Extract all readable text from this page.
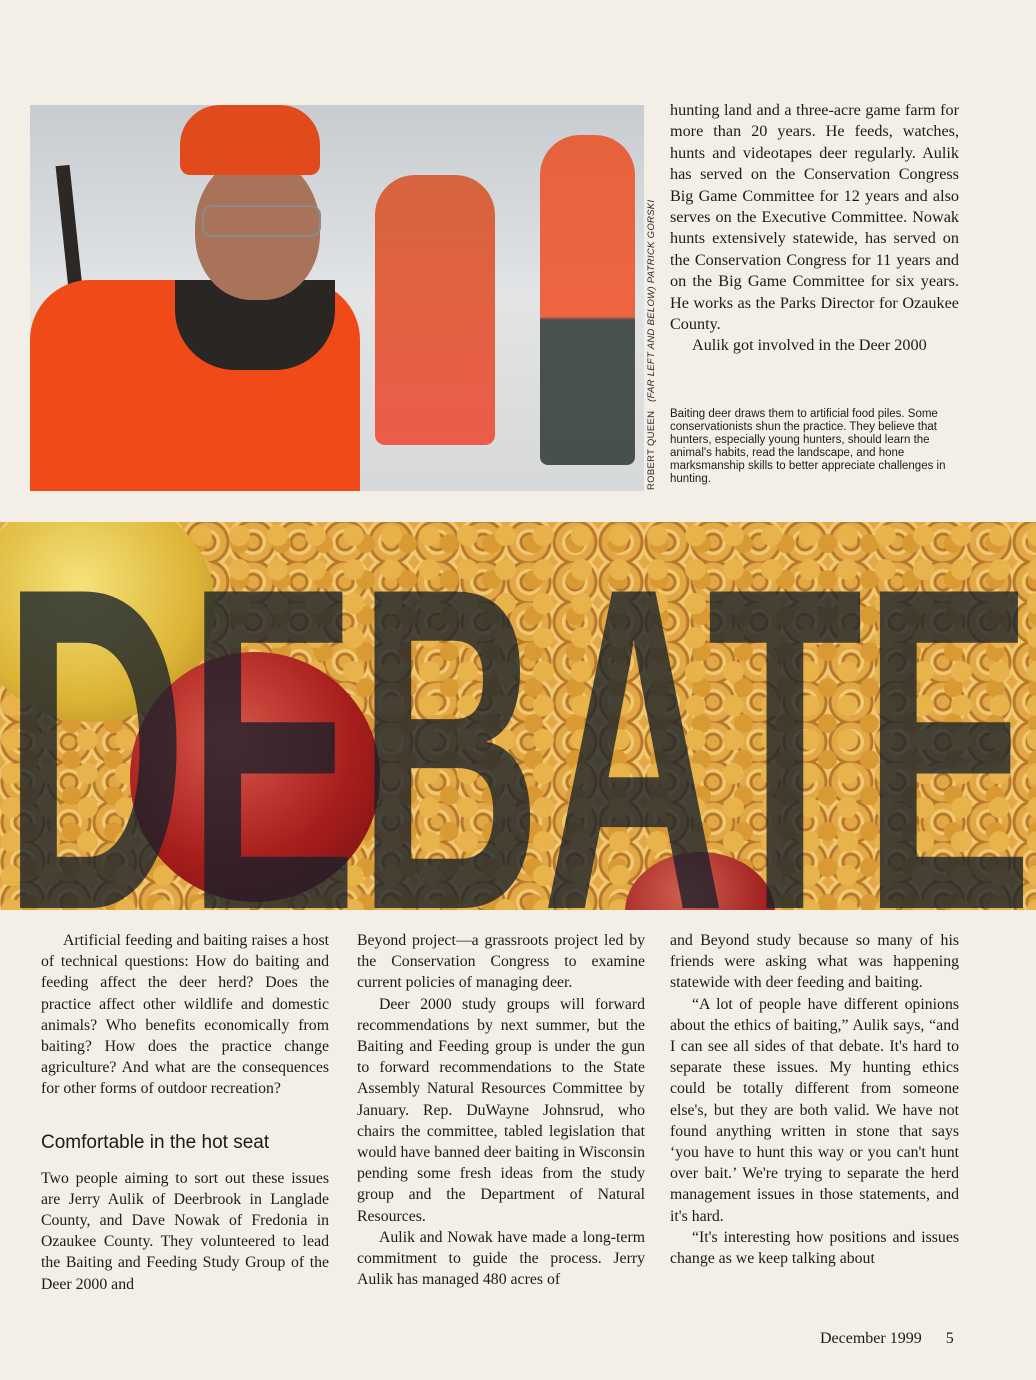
ROBERT QUEEN   (FAR LEFT AND BELOW) PATRICK GORSKI
Baiting deer draws them to artificial food piles. Some conservationists shun the practice. They believe that hunters, especially young hunters, should learn the animal's habits, read the landscape, and hone marksmanship skills to better appreciate challenges in hunting.

hunting land and a three-acre game farm for more than 20 years. He feeds, watches, hunts and videotapes deer regularly. Aulik has served on the Conservation Congress Big Game Committee for 12 years and also serves on the Executive Committee. Nowak hunts extensively statewide, has served on the Conservation Congress for 11 years and on the Big Game Committee for six years. He works as the Parks Director for Ozaukee County.

Aulik got involved in the Deer 2000

DEBATE

Artificial feeding and baiting raises a host of technical questions: How do baiting and feeding affect the deer herd? Does the practice affect other wildlife and domestic animals? Who benefits economically from baiting? How does the practice change agriculture? And what are the consequences for other forms of outdoor recreation?

Comfortable in the hot seat

Two people aiming to sort out these issues are Jerry Aulik of Deerbrook in Langlade County, and Dave Nowak of Fredonia in Ozaukee County. They volunteered to lead the Baiting and Feeding Study Group of the Deer 2000 and

Beyond project—a grassroots project led by the Conservation Congress to examine current policies of managing deer.

Deer 2000 study groups will forward recommendations by next summer, but the Baiting and Feeding group is under the gun to forward recommendations to the State Assembly Natural Resources Committee by January. Rep. DuWayne Johnsrud, who chairs the committee, tabled legislation that would have banned deer baiting in Wisconsin pending some fresh ideas from the study group and the Department of Natural Resources.

Aulik and Nowak have made a long-term commitment to guide the process. Jerry Aulik has managed 480 acres of

and Beyond study because so many of his friends were asking what was happening statewide with deer feeding and baiting.

“A lot of people have different opinions about the ethics of baiting,” Aulik says, “and I can see all sides of that debate. It's hard to separate these issues. My hunting ethics could be totally different from someone else's, but they are both valid. We have not found anything written in stone that says ‘you have to hunt this way or you can't hunt over bait.’ We're trying to separate the herd management issues in those statements, and it's hard.

“It's interesting how positions and issues change as we keep talking about

December 1999 5
